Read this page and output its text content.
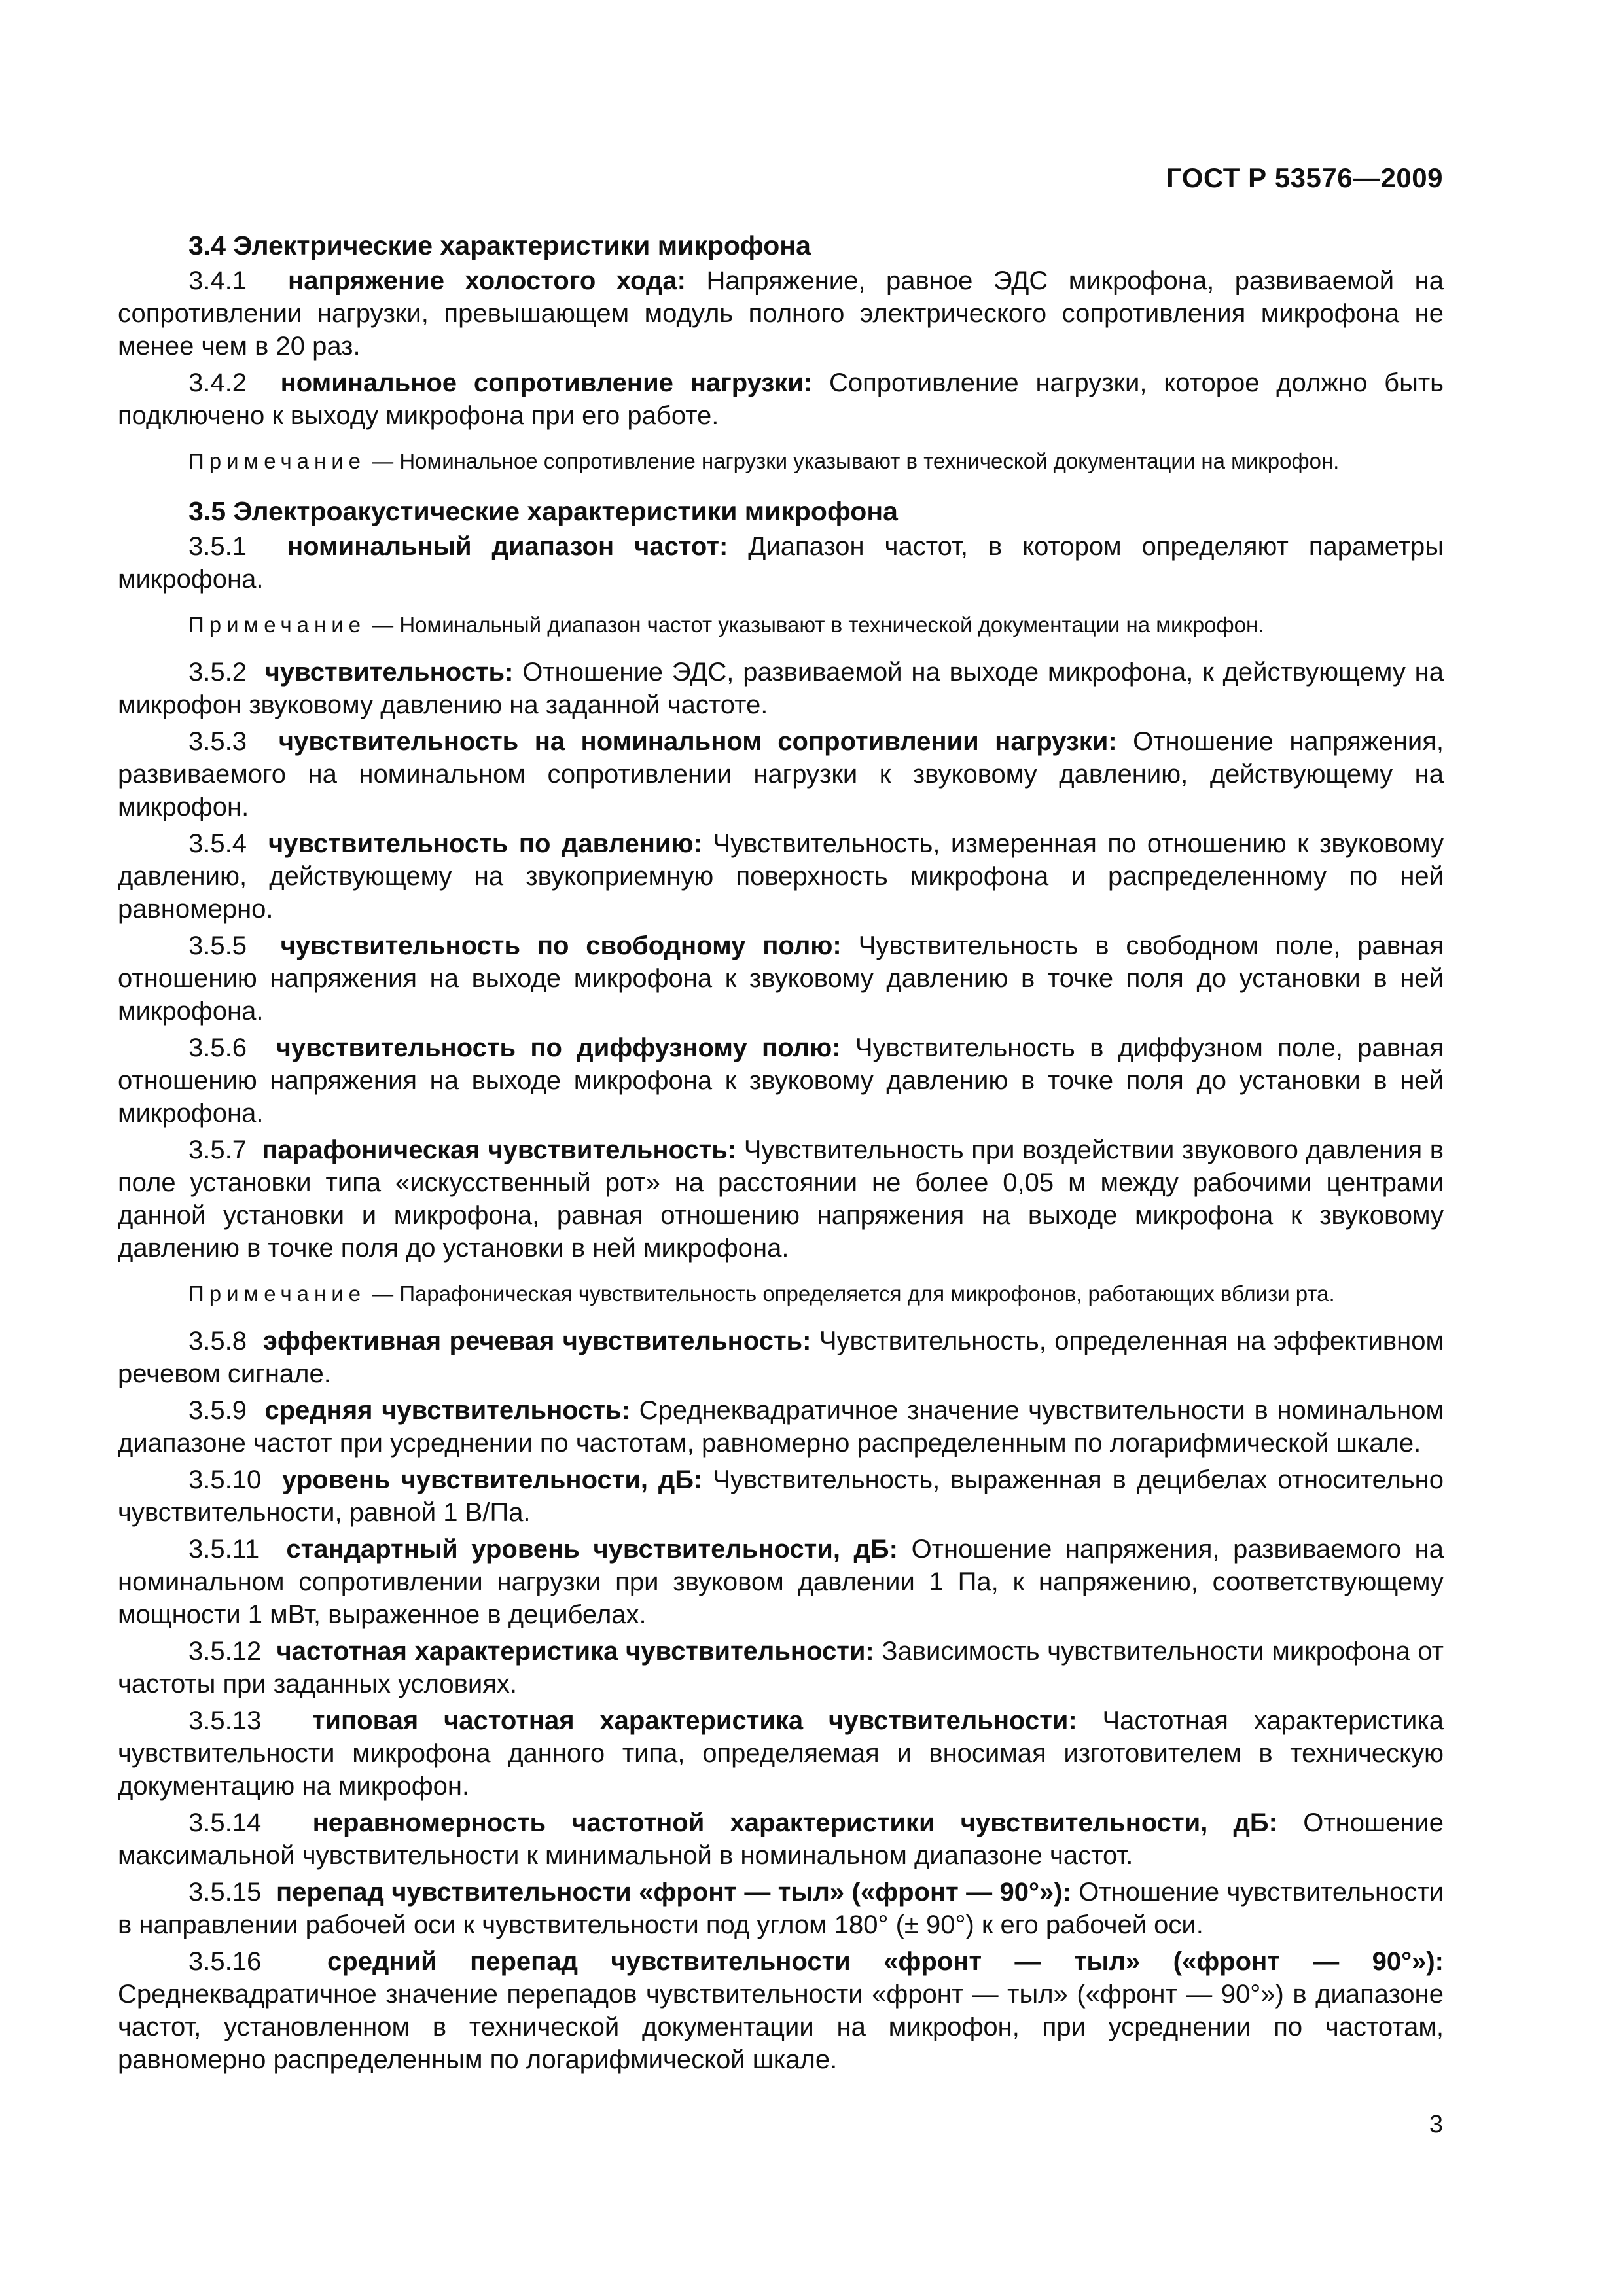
ГОСТ Р 53576—2009
3.4 Электрические характеристики микрофона

3.4.1 напряжение холостого хода: Напряжение, равное ЭДС микрофона, развиваемой на сопротивлении нагрузки, превышающем модуль полного электрического сопротивления микрофона не менее чем в 20 раз.

3.4.2 номинальное сопротивление нагрузки: Сопротивление нагрузки, которое должно быть подключено к выходу микрофона при его работе.

Примечание — Номинальное сопротивление нагрузки указывают в технической документации на микрофон.

3.5 Электроакустические характеристики микрофона

3.5.1 номинальный диапазон частот: Диапазон частот, в котором определяют параметры микрофона.

Примечание — Номинальный диапазон частот указывают в технической документации на микрофон.

3.5.2 чувствительность: Отношение ЭДС, развиваемой на выходе микрофона, к действующему на микрофон звуковому давлению на заданной частоте.

3.5.3 чувствительность на номинальном сопротивлении нагрузки: Отношение напряжения, развиваемого на номинальном сопротивлении нагрузки к звуковому давлению, действующему на микрофон.

3.5.4 чувствительность по давлению: Чувствительность, измеренная по отношению к звуковому давлению, действующему на звукоприемную поверхность микрофона и распределенному по ней равномерно.

3.5.5 чувствительность по свободному полю: Чувствительность в свободном поле, равная отношению напряжения на выходе микрофона к звуковому давлению в точке поля до установки в ней микрофона.

3.5.6 чувствительность по диффузному полю: Чувствительность в диффузном поле, равная отношению напряжения на выходе микрофона к звуковому давлению в точке поля до установки в ней микрофона.

3.5.7 парафоническая чувствительность: Чувствительность при воздействии звукового давления в поле установки типа «искусственный рот» на расстоянии не более 0,05 м между рабочими центрами данной установки и микрофона, равная отношению напряжения на выходе микрофона к звуковому давлению в точке поля до установки в ней микрофона.

Примечание — Парафоническая чувствительность определяется для микрофонов, работающих вблизи рта.

3.5.8 эффективная речевая чувствительность: Чувствительность, определенная на эффективном речевом сигнале.

3.5.9 средняя чувствительность: Среднеквадратичное значение чувствительности в номинальном диапазоне частот при усреднении по частотам, равномерно распределенным по логарифмической шкале.

3.5.10 уровень чувствительности, дБ: Чувствительность, выраженная в децибелах относительно чувствительности, равной 1 В/Па.

3.5.11 стандартный уровень чувствительности, дБ: Отношение напряжения, развиваемого на номинальном сопротивлении нагрузки при звуковом давлении 1 Па, к напряжению, соответствующему мощности 1 мВт, выраженное в децибелах.

3.5.12 частотная характеристика чувствительности: Зависимость чувствительности микрофона от частоты при заданных условиях.

3.5.13 типовая частотная характеристика чувствительности: Частотная характеристика чувствительности микрофона данного типа, определяемая и вносимая изготовителем в техническую документацию на микрофон.

3.5.14 неравномерность частотной характеристики чувствительности, дБ: Отношение максимальной чувствительности к минимальной в номинальном диапазоне частот.

3.5.15 перепад чувствительности «фронт — тыл» («фронт — 90°»): Отношение чувствительности в направлении рабочей оси к чувствительности под углом 180° (± 90°) к его рабочей оси.

3.5.16	средний перепад чувствительности «фронт — тыл» («фронт — 90°»): Среднеквадратичное значение перепадов чувствительности «фронт — тыл» («фронт — 90°») в диапазоне частот, установленном в технической документации на микрофон, при усреднении по частотам, равномерно распределенным по логарифмической шкале.

3
